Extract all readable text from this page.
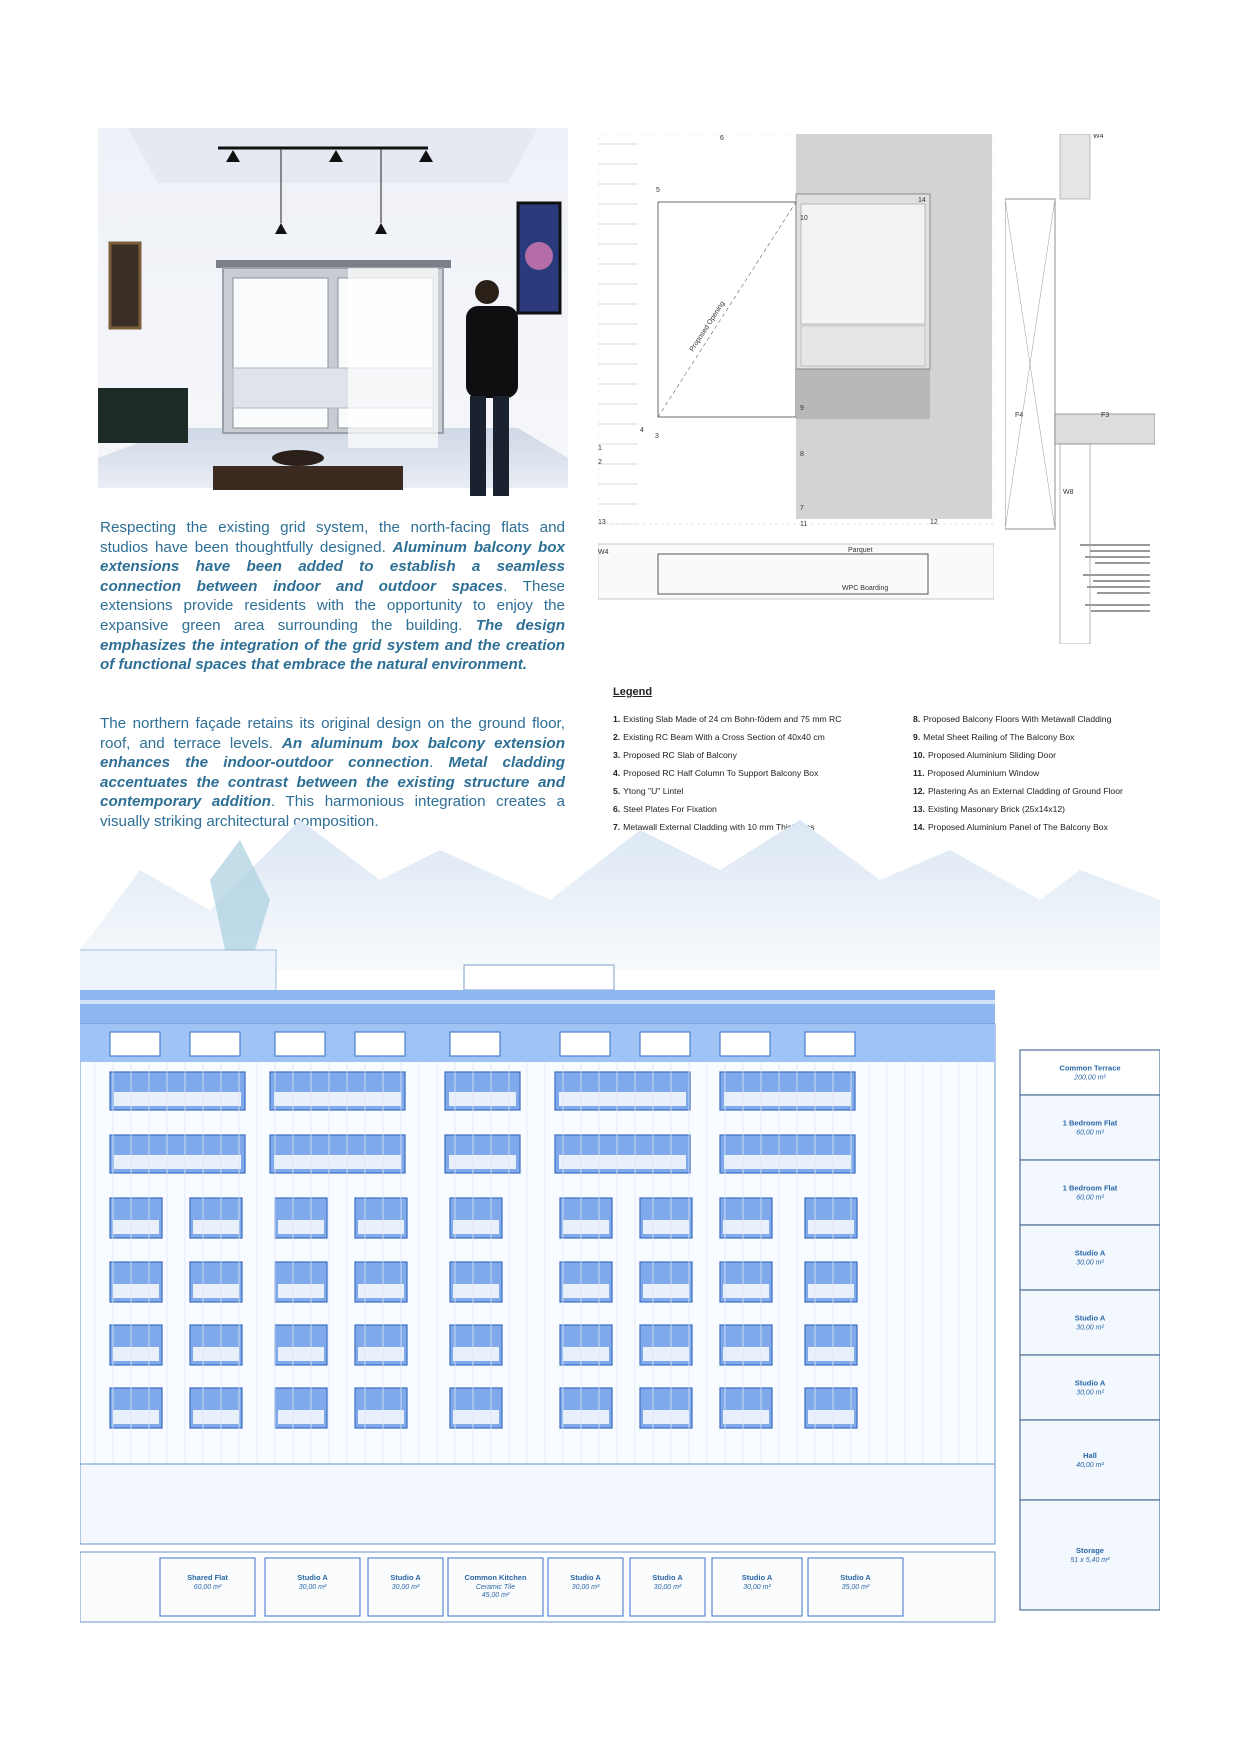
Respecting the existing grid system, the north-facing flats and studios have been thoughtfully designed. Aluminum balcony box extensions have been added to establish a seamless connection between indoor and outdoor spaces. These extensions provide residents with the opportunity to enjoy the expansive green area surrounding the building. The design emphasizes the integration of the grid system and the creation of functional spaces that embrace the natural environment.
The northern façade retains its original design on the ground floor, roof, and terrace levels. An aluminum box balcony extension enhances the indoor-outdoor connection. Metal cladding accentuates the contrast between the existing structure and contemporary addition. This harmonious integration creates a visually striking architectural composition.
Proposed Opening
Parquet
WPC Boarding
5
6
4
3
1
2
13
10
14
9
8
7
11	12
W4
F4	F3
W4
W8
Legend
1. Existing Slab Made of 24 cm Bohn-födem and 75 mm RC
2. Existing RC Beam With a Cross Section of 40x40 cm
3. Proposed RC Slab of Balcony
4. Proposed RC Half Column To Support Balcony Box
5. Ytong "U" Lintel
6. Steel Plates For Fixation
7. Metawall External Cladding with 10 mm Thickness
8. Proposed Balcony Floors With Metawall Cladding
9. Metal Sheet Railing of The Balcony Box
10. Proposed Aluminium Sliding Door
11. Proposed Aluminium Window
12. Plastering As an External Cladding of Ground Floor
13. Existing Masonary Brick (25x14x12)
14. Proposed Aluminium Panel of The Balcony Box
Common Terrace
200,00 m²
1 Bedroom Flat
60,00 m²
1 Bedroom Flat
60,00 m²
Studio A
30,00 m²
Studio A
30,00 m²
Studio A
30,00 m²
Hall
40,00 m²
Storage
51 x 5,40 m²
Shared Flat
60,00 m²
Studio A
30,00 m²
Studio A
30,00 m²
Common Kitchen
Ceramic Tile
45,00 m²
Studio A
30,00 m²
Studio A
30,00 m²
Studio A
30,00 m²
Studio A
35,00 m²
